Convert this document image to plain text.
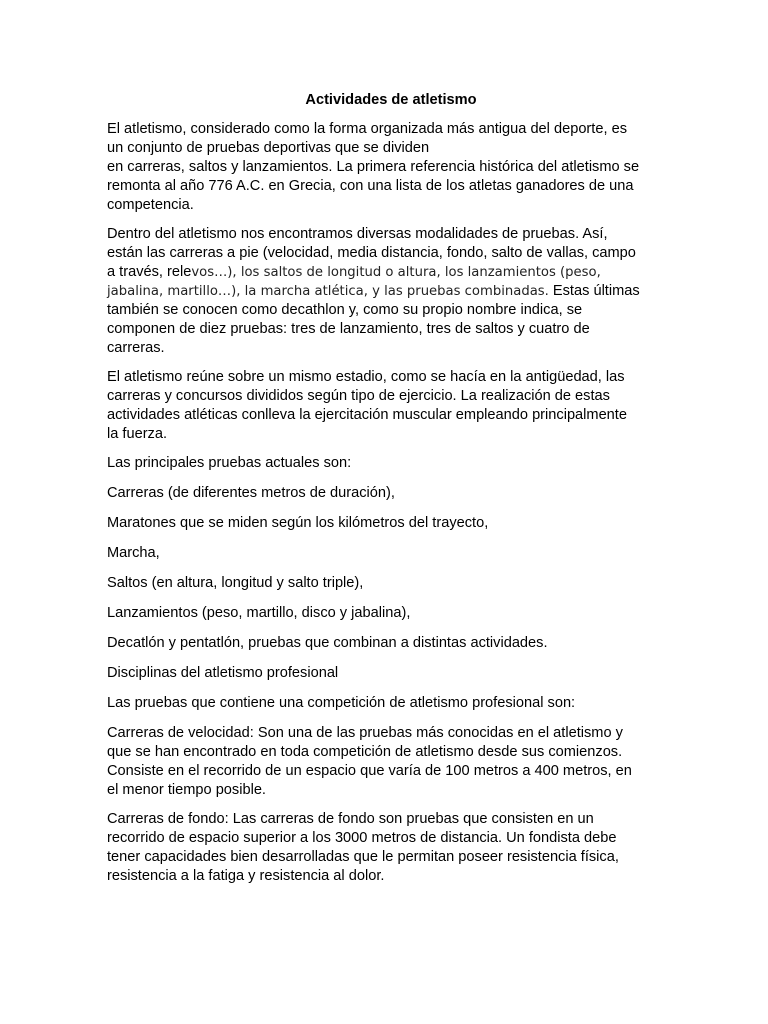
Actividades de atletismo
El atletismo, considerado como la forma organizada más antigua del deporte, es
un conjunto de pruebas deportivas que se dividen
en carreras, saltos y lanzamientos. La primera referencia histórica del atletismo se
remonta al año 776 A.C. en Grecia, con una lista de los atletas ganadores de una
competencia.
Dentro del atletismo nos encontramos diversas modalidades de pruebas. Así,
están las carreras a pie (velocidad, media distancia, fondo, salto de vallas, campo
a través, relevos…), los saltos de longitud o altura, los lanzamientos (peso,
jabalina, martillo…), la marcha atlética, y las pruebas combinadas. Estas últimas
también se conocen como decathlon y, como su propio nombre indica, se
componen de diez pruebas: tres de lanzamiento, tres de saltos y cuatro de
carreras.
El atletismo reúne sobre un mismo estadio, como se hacía en la antigüedad, las
carreras y concursos divididos según tipo de ejercicio. La realización de estas
actividades atléticas conlleva la ejercitación muscular empleando principalmente
la fuerza.
Las principales pruebas actuales son:
Carreras (de diferentes metros de duración),
Maratones que se miden según los kilómetros del trayecto,
Marcha,
Saltos (en altura, longitud y salto triple),
Lanzamientos (peso, martillo, disco y jabalina),
Decatlón y pentatlón, pruebas que combinan a distintas actividades.
Disciplinas del atletismo profesional
Las pruebas que contiene una competición de atletismo profesional son:
Carreras de velocidad: Son una de las pruebas más conocidas en el atletismo y
que se han encontrado en toda competición de atletismo desde sus comienzos.
Consiste en el recorrido de un espacio que varía de 100 metros a 400 metros, en
el menor tiempo posible.
Carreras de fondo: Las carreras de fondo son pruebas que consisten en un
recorrido de espacio superior a los 3000 metros de distancia. Un fondista debe
tener capacidades bien desarrolladas que le permitan poseer resistencia física,
resistencia a la fatiga y resistencia al dolor.
